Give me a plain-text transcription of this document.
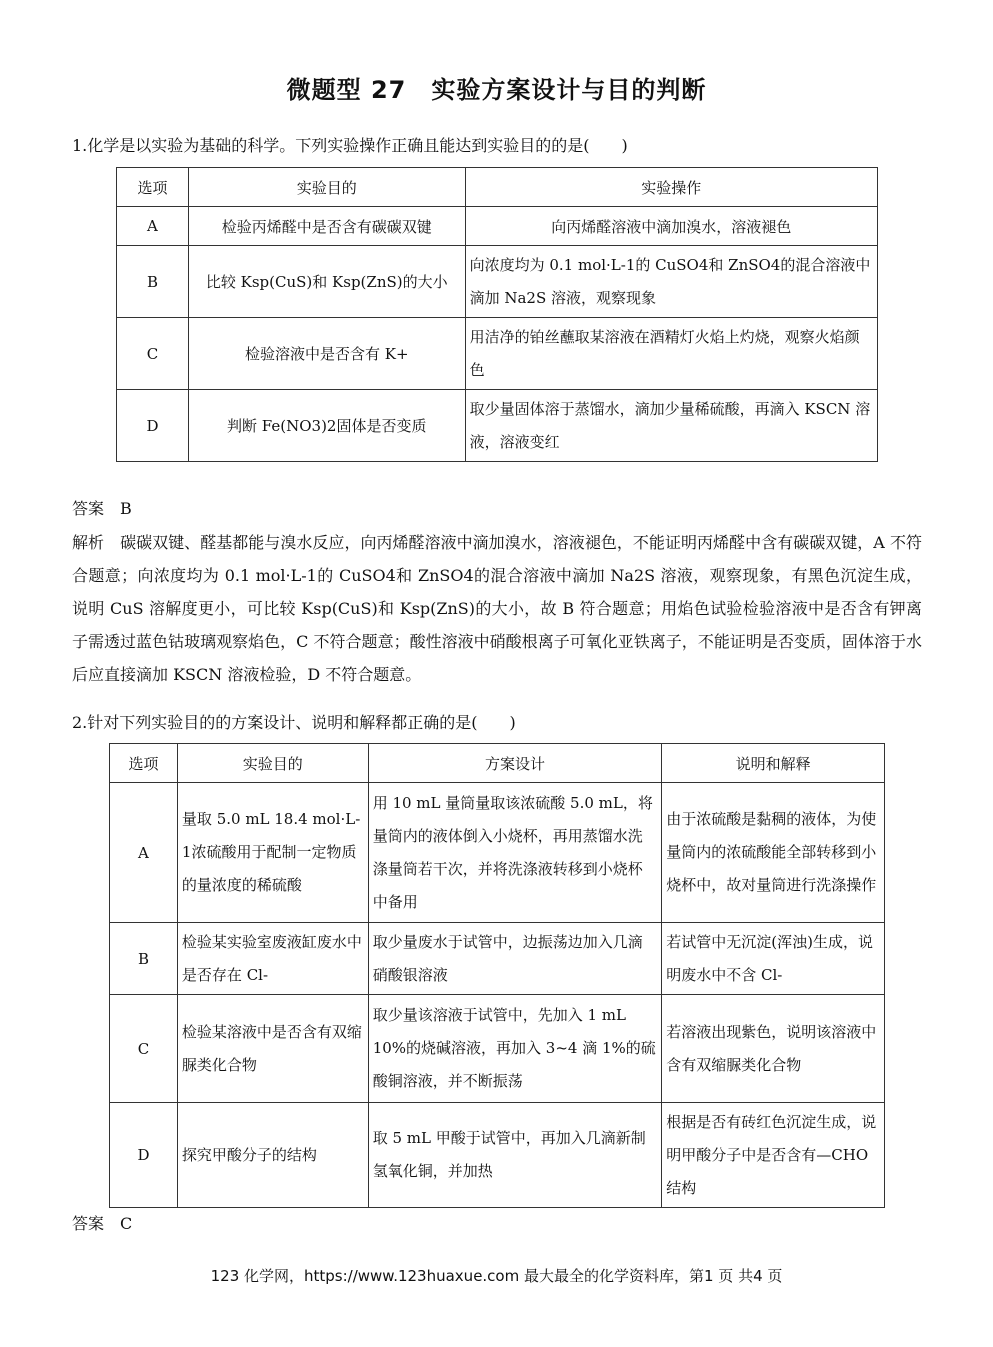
微题型 27　实验方案设计与目的判断
1.化学是以实验为基础的科学。下列实验操作正确且能达到实验目的的是(　　)
选项	实验目的	实验操作
A	检验丙烯醛中是否含有碳碳双键	向丙烯醛溶液中滴加溴水，溶液褪色
B	比较 Ksp(CuS)和 Ksp(ZnS)的大小	向浓度均为 0.1 mol·L-1的 CuSO4和 ZnSO4的混合溶液中滴加 Na2S 溶液，观察现象
C	检验溶液中是否含有 K+	用洁净的铂丝蘸取某溶液在酒精灯火焰上灼烧，观察火焰颜色
D	判断 Fe(NO3)2固体是否变质	取少量固体溶于蒸馏水，滴加少量稀硫酸，再滴入 KSCN 溶液，溶液变红
答案　B
解析　碳碳双键、醛基都能与溴水反应，向丙烯醛溶液中滴加溴水，溶液褪色，不能证明丙烯醛中含有碳碳双键，A 不符合题意；向浓度均为 0.1 mol·L-1的 CuSO4和 ZnSO4的混合溶液中滴加 Na2S 溶液，观察现象，有黑色沉淀生成，说明 CuS 溶解度更小，可比较 Ksp(CuS)和 Ksp(ZnS)的大小，故 B 符合题意；用焰色试验检验溶液中是否含有钾离子需透过蓝色钴玻璃观察焰色，C 不符合题意；酸性溶液中硝酸根离子可氧化亚铁离子，不能证明是否变质，固体溶于水后应直接滴加 KSCN 溶液检验，D 不符合题意。
2.针对下列实验目的的方案设计、说明和解释都正确的是(　　)
选项	实验目的	方案设计	说明和解释
A	量取 5.0 mL 18.4 mol·L-1浓硫酸用于配制一定物质的量浓度的稀硫酸	用 10 mL 量筒量取该浓硫酸 5.0 mL，将量筒内的液体倒入小烧杯，再用蒸馏水洗涤量筒若干次，并将洗涤液转移到小烧杯中备用	由于浓硫酸是黏稠的液体，为使量筒内的浓硫酸能全部转移到小烧杯中，故对量筒进行洗涤操作
B	检验某实验室废液缸废水中是否存在 Cl-	取少量废水于试管中，边振荡边加入几滴硝酸银溶液	若试管中无沉淀(浑浊)生成，说明废水中不含 Cl-
C	检验某溶液中是否含有双缩脲类化合物	取少量该溶液于试管中，先加入 1 mL 10%的烧碱溶液，再加入 3~4 滴 1%的硫酸铜溶液，并不断振荡	若溶液出现紫色，说明该溶液中含有双缩脲类化合物
D	探究甲酸分子的结构	取 5 mL 甲酸于试管中，再加入几滴新制氢氧化铜，并加热	根据是否有砖红色沉淀生成，说明甲酸分子中是否含有—CHO 结构
答案　C
123 化学网，https://www.123huaxue.com 最大最全的化学资料库，第1 页 共4 页
